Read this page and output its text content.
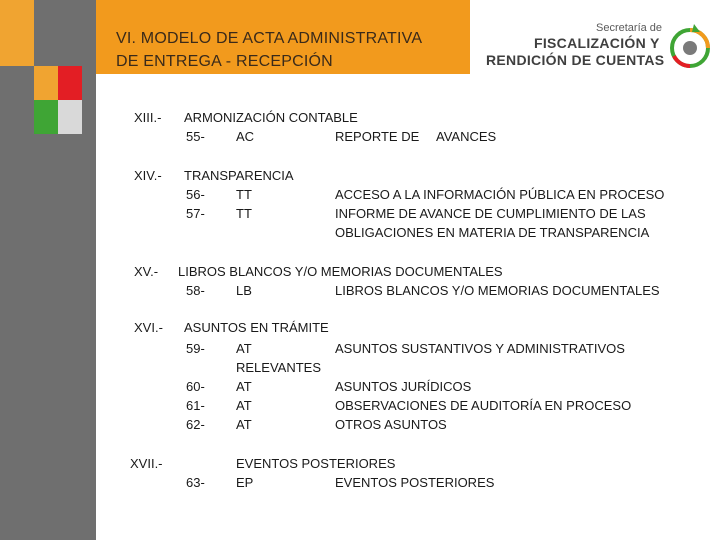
VI. MODELO DE ACTA ADMINISTRATIVA
DE ENTREGA - RECEPCIÓN
Secretaría de
FISCALIZACIÓN Y
RENDICIÓN DE CUENTAS
XIII.- ARMONIZACIÓN CONTABLE
55- AC	REPORTE DE AVANCES
XIV.- TRANSPARENCIA
56- TT	ACCESO A LA INFORMACIÓN PÚBLICA EN PROCESO
57- TT	INFORME DE AVANCE DE CUMPLIMIENTO DE LAS
OBLIGACIONES EN MATERIA DE TRANSPARENCIA
XV.- LIBROS BLANCOS Y/O MEMORIAS DOCUMENTALES
58- LB	LIBROS BLANCOS Y/O MEMORIAS DOCUMENTALES
XVI.- ASUNTOS EN TRÁMITE
59- AT	ASUNTOS SUSTANTIVOS Y ADMINISTRATIVOS
RELEVANTES
60- AT	ASUNTOS JURÍDICOS
61- AT	OBSERVACIONES DE AUDITORÍA EN PROCESO
62- AT	OTROS ASUNTOS
XVII.-	EVENTOS POSTERIORES
63- EP	EVENTOS POSTERIORES
